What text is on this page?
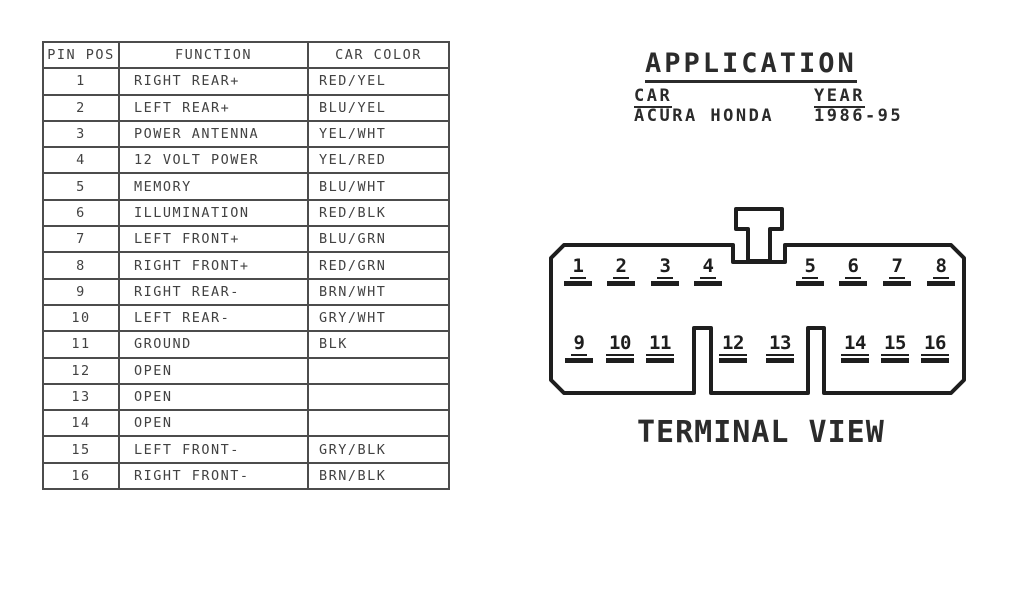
PIN POS	FUNCTION	CAR COLOR
1	RIGHT REAR+	RED/YEL
2	LEFT REAR+	BLU/YEL
3	POWER ANTENNA	YEL/WHT
4	12 VOLT POWER	YEL/RED
5	MEMORY	BLU/WHT
6	ILLUMINATION	RED/BLK
7	LEFT FRONT+	BLU/GRN
8	RIGHT FRONT+	RED/GRN
9	RIGHT REAR-	BRN/WHT
10	LEFT REAR-	GRY/WHT
11	GROUND	BLK
12	OPEN	
13	OPEN	
14	OPEN	
15	LEFT FRONT-	GRY/BLK
16	RIGHT FRONT-	BRN/BLK
APPLICATION
CAR	YEAR
ACURA HONDA 1986-95
1 2 3 4	5 6 7 8
9 10 11	12 13	14 15 16
TERMINAL VIEW
